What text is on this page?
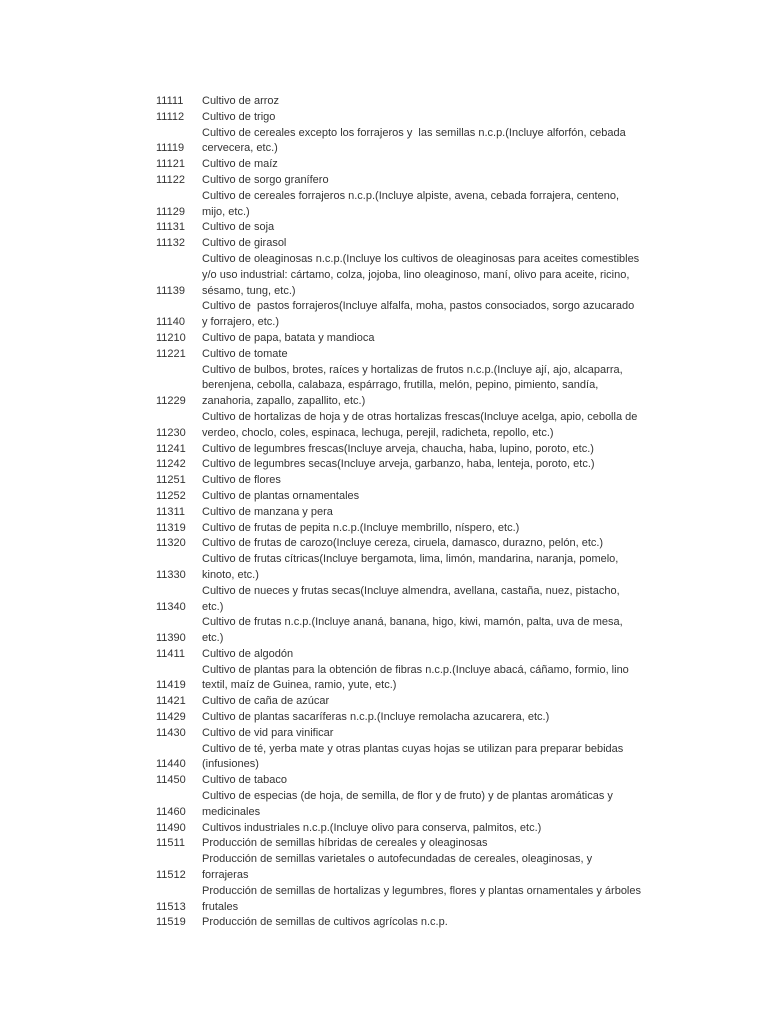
11111 Cultivo de arroz
11112 Cultivo de trigo
11119
Cultivo de cereales excepto los forrajeros y  las semillas n.c.p.(Incluye alforfón, cebada
cervecera, etc.)
11121 Cultivo de maíz
11122 Cultivo de sorgo granífero
11129
Cultivo de cereales forrajeros n.c.p.(Incluye alpiste, avena, cebada forrajera, centeno,
mijo, etc.)
11131 Cultivo de soja
11132 Cultivo de girasol
11139
Cultivo de oleaginosas n.c.p.(Incluye los cultivos de oleaginosas para aceites comestibles
y/o uso industrial: cártamo, colza, jojoba, lino oleaginoso, maní, olivo para aceite, ricino,
sésamo, tung, etc.)
11140
Cultivo de  pastos forrajeros(Incluye alfalfa, moha, pastos consociados, sorgo azucarado
y forrajero, etc.)
11210 Cultivo de papa, batata y mandioca
11221 Cultivo de tomate
11229
Cultivo de bulbos, brotes, raíces y hortalizas de frutos n.c.p.(Incluye ají, ajo, alcaparra,
berenjena, cebolla, calabaza, espárrago, frutilla, melón, pepino, pimiento, sandía,
zanahoria, zapallo, zapallito, etc.)
11230
Cultivo de hortalizas de hoja y de otras hortalizas frescas(Incluye acelga, apio, cebolla de
verdeo, choclo, coles, espinaca, lechuga, perejil, radicheta, repollo, etc.)
11241 Cultivo de legumbres frescas(Incluye arveja, chaucha, haba, lupino, poroto, etc.)
11242 Cultivo de legumbres secas(Incluye arveja, garbanzo, haba, lenteja, poroto, etc.)
11251 Cultivo de flores
11252 Cultivo de plantas ornamentales
11311 Cultivo de manzana y pera
11319 Cultivo de frutas de pepita n.c.p.(Incluye membrillo, níspero, etc.)
11320 Cultivo de frutas de carozo(Incluye cereza, ciruela, damasco, durazno, pelón, etc.)
11330
Cultivo de frutas cítricas(Incluye bergamota, lima, limón, mandarina, naranja, pomelo,
kinoto, etc.)
11340
Cultivo de nueces y frutas secas(Incluye almendra, avellana, castaña, nuez, pistacho,
etc.)
11390
Cultivo de frutas n.c.p.(Incluye ananá, banana, higo, kiwi, mamón, palta, uva de mesa,
etc.)
11411 Cultivo de algodón
11419
Cultivo de plantas para la obtención de fibras n.c.p.(Incluye abacá, cáñamo, formio, lino
textil, maíz de Guinea, ramio, yute, etc.)
11421 Cultivo de caña de azúcar
11429 Cultivo de plantas sacaríferas n.c.p.(Incluye remolacha azucarera, etc.)
11430 Cultivo de vid para vinificar
11440
Cultivo de té, yerba mate y otras plantas cuyas hojas se utilizan para preparar bebidas
(infusiones)
11450 Cultivo de tabaco
11460
Cultivo de especias (de hoja, de semilla, de flor y de fruto) y de plantas aromáticas y
medicinales
11490 Cultivos industriales n.c.p.(Incluye olivo para conserva, palmitos, etc.)
11511 Producción de semillas híbridas de cereales y oleaginosas
11512
Producción de semillas varietales o autofecundadas de cereales, oleaginosas, y
forrajeras
11513
Producción de semillas de hortalizas y legumbres, flores y plantas ornamentales y árboles
frutales
11519 Producción de semillas de cultivos agrícolas n.c.p.
